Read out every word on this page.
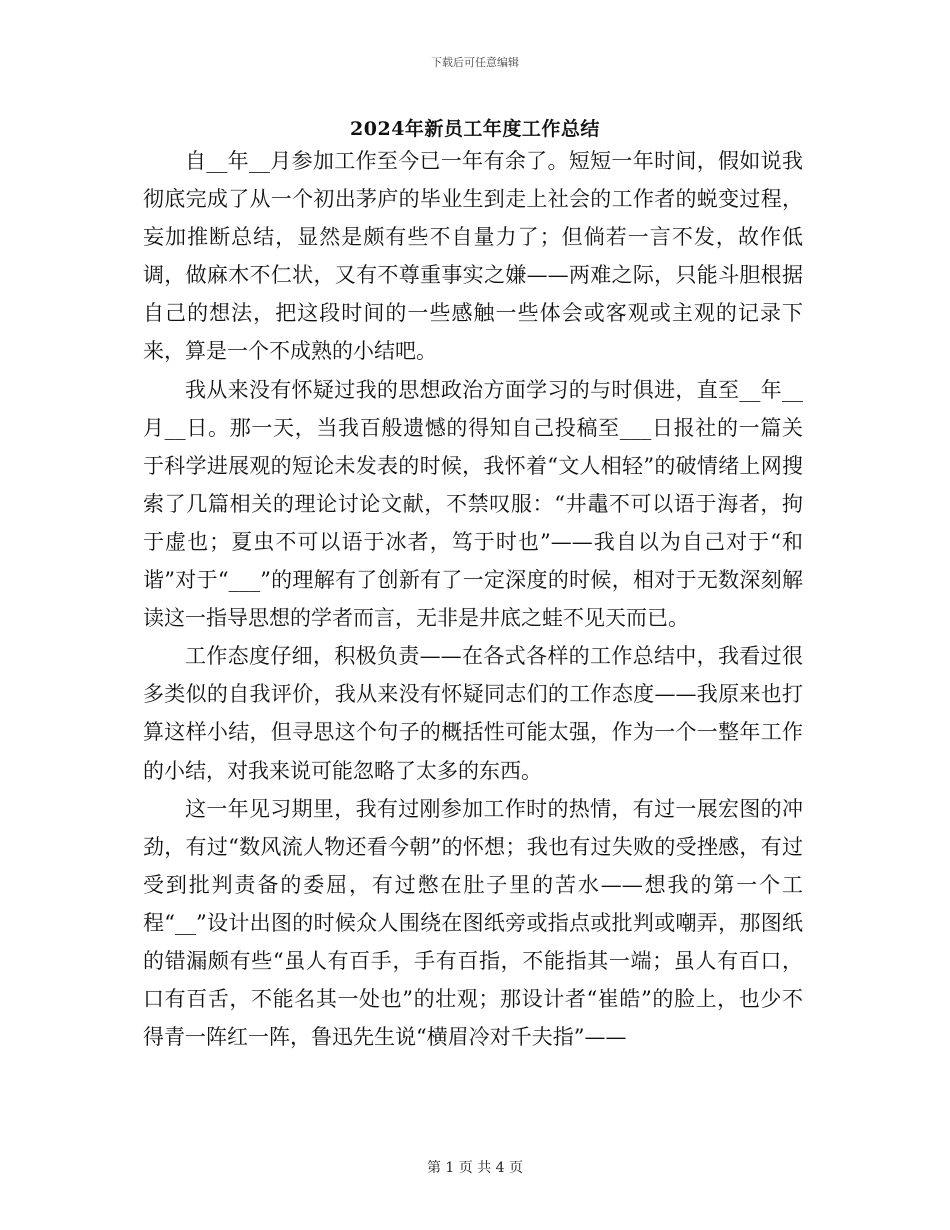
下载后可任意编辑
2024年新员工年度工作总结

自__年__月参加工作至今已一年有余了。短短一年时间，假如说我彻底完成了从一个初出茅庐的毕业生到走上社会的工作者的蜕变过程，妄加推断总结，显然是颇有些不自量力了；但倘若一言不发，故作低调，做麻木不仁状，又有不尊重事实之嫌——两难之际，只能斗胆根据自己的想法，把这段时间的一些感触一些体会或客观或主观的记录下来，算是一个不成熟的小结吧。

我从来没有怀疑过我的思想政治方面学习的与时俱进，直至__年__月__日。那一天，当我百般遗憾的得知自己投稿至___日报社的一篇关于科学进展观的短论未发表的时候，我怀着“文人相轻”的破情绪上网搜索了几篇相关的理论讨论文献，不禁叹服：“井鼃不可以语于海者，拘于虚也；夏虫不可以语于冰者，笃于时也”——我自以为自己对于“和谐”对于“___”的理解有了创新有了一定深度的时候，相对于无数深刻解读这一指导思想的学者而言，无非是井底之蛙不见天而已。

工作态度仔细，积极负责——在各式各样的工作总结中，我看过很多类似的自我评价，我从来没有怀疑同志们的工作态度——我原来也打算这样小结，但寻思这个句子的概括性可能太强，作为一个一整年工作的小结，对我来说可能忽略了太多的东西。

这一年见习期里，我有过刚参加工作时的热情，有过一展宏图的冲劲，有过“数风流人物还看今朝”的怀想；我也有过失败的受挫感，有过受到批判责备的委屈，有过憋在肚子里的苦水——想我的第一个工程“__”设计出图的时候众人围绕在图纸旁或指点或批判或嘲弄，那图纸的错漏颇有些“虽人有百手，手有百指，不能指其一端；虽人有百口，口有百舌，不能名其一处也”的壮观；那设计者“崔皓”的脸上，也少不得青一阵红一阵，鲁迅先生说“横眉冷对千夫指”——

第 1 页 共 4 页
